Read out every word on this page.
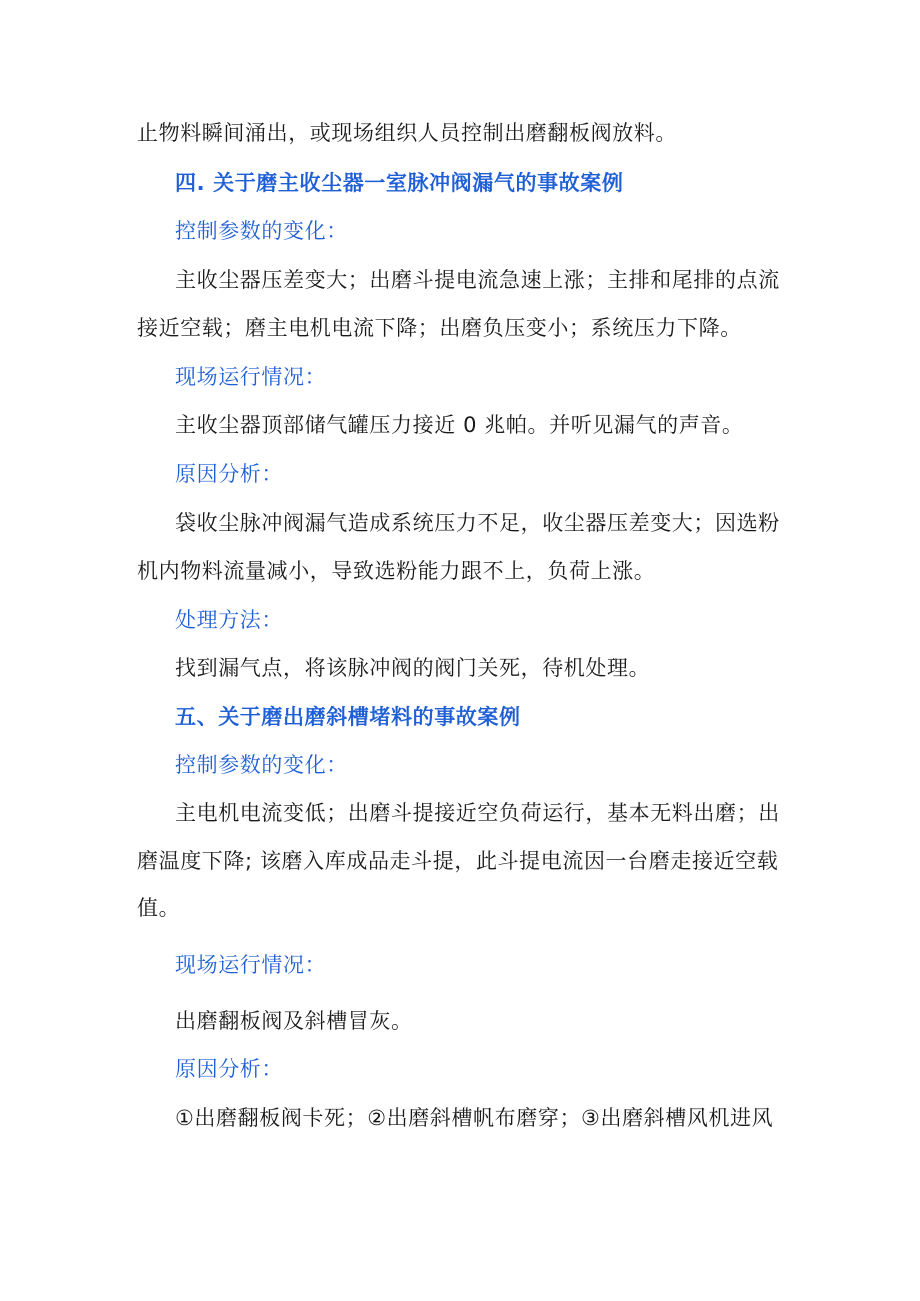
止物料瞬间涌出，或现场组织人员控制出磨翻板阀放料。
四. 关于磨主收尘器一室脉冲阀漏气的事故案例
控制参数的变化：
主收尘器压差变大；出磨斗提电流急速上涨；主排和尾排的点流
接近空载；磨主电机电流下降；出磨负压变小；系统压力下降。
现场运行情况：
主收尘器顶部储气罐压力接近 0 兆帕。并听见漏气的声音。
原因分析：
袋收尘脉冲阀漏气造成系统压力不足，收尘器压差变大；因选粉
机内物料流量减小，导致选粉能力跟不上，负荷上涨。
处理方法：
找到漏气点，将该脉冲阀的阀门关死，待机处理。
五、关于磨出磨斜槽堵料的事故案例
控制参数的变化：
主电机电流变低；出磨斗提接近空负荷运行，基本无料出磨；出
磨温度下降; 该磨入库成品走斗提，此斗提电流因一台磨走接近空载
值。
现场运行情况：
出磨翻板阀及斜槽冒灰。
原因分析：
①出磨翻板阀卡死；②出磨斜槽帆布磨穿；③出磨斜槽风机进风
